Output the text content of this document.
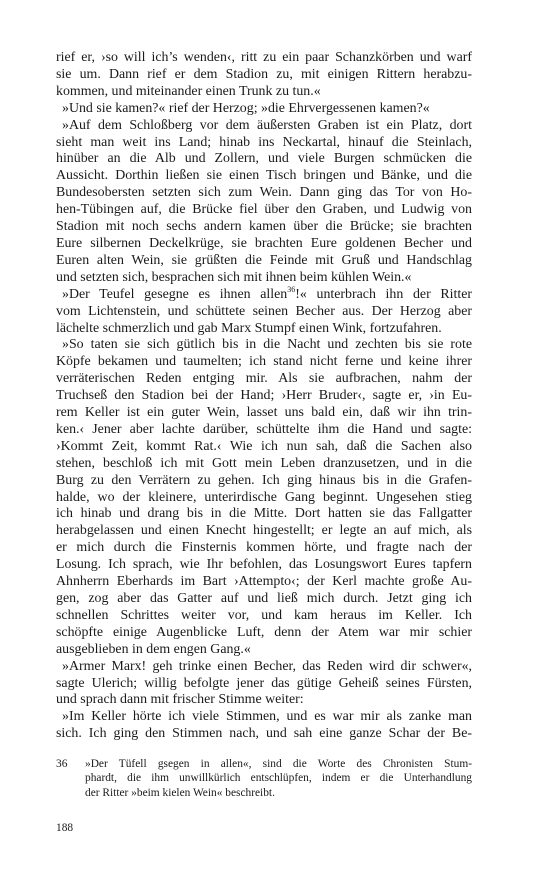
rief er, ›so will ich’s wenden‹, ritt zu ein paar Schanzkörben und warf
sie um. Dann rief er dem Stadion zu, mit einigen Rittern herabzu-
kommen, und miteinander einen Trunk zu tun.«
»Und sie kamen?« rief der Herzog; »die Ehrvergessenen kamen?«
»Auf dem Schloßberg vor dem äußersten Graben ist ein Platz, dort
sieht man weit ins Land; hinab ins Neckartal, hinauf die Steinlach,
hinüber an die Alb und Zollern, und viele Burgen schmücken die
Aussicht. Dorthin ließen sie einen Tisch bringen und Bänke, und die
Bundesobersten setzten sich zum Wein. Dann ging das Tor von Ho-
hen-Tübingen auf, die Brücke fiel über den Graben, und Ludwig von
Stadion mit noch sechs andern kamen über die Brücke; sie brachten
Eure silbernen Deckelkrüge, sie brachten Eure goldenen Becher und
Euren alten Wein, sie grüßten die Feinde mit Gruß und Handschlag
und setzten sich, besprachen sich mit ihnen beim kühlen Wein.«
»Der Teufel gesegne es ihnen allen$^{36}$!« unterbrach ihn der Ritter
vom Lichtenstein, und schüttete seinen Becher aus. Der Herzog aber
lächelte schmerzlich und gab Marx Stumpf einen Wink, fortzufahren.
»So taten sie sich gütlich bis in die Nacht und zechten bis sie rote
Köpfe bekamen und taumelten; ich stand nicht ferne und keine ihrer
verräterischen Reden entging mir. Als sie aufbrachen, nahm der
Truchseß den Stadion bei der Hand; ›Herr Bruder‹, sagte er, ›in Eu-
rem Keller ist ein guter Wein, lasset uns bald ein, daß wir ihn trin-
ken.‹ Jener aber lachte darüber, schüttelte ihm die Hand und sagte:
›Kommt Zeit, kommt Rat.‹ Wie ich nun sah, daß die Sachen also
stehen, beschloß ich mit Gott mein Leben dranzusetzen, und in die
Burg zu den Verrätern zu gehen. Ich ging hinaus bis in die Grafen-
halde, wo der kleinere, unterirdische Gang beginnt. Ungesehen stieg
ich hinab und drang bis in die Mitte. Dort hatten sie das Fallgatter
herabgelassen und einen Knecht hingestellt; er legte an auf mich, als
er mich durch die Finsternis kommen hörte, und fragte nach der
Losung. Ich sprach, wie Ihr befohlen, das Losungswort Eures tapfern
Ahnherrn Eberhards im Bart ›Attempto‹; der Kerl machte große Au-
gen, zog aber das Gatter auf und ließ mich durch. Jetzt ging ich
schnellen Schrittes weiter vor, und kam heraus im Keller. Ich
schöpfte einige Augenblicke Luft, denn der Atem war mir schier
ausgeblieben in dem engen Gang.«
»Armer Marx! geh trinke einen Becher, das Reden wird dir schwer«,
sagte Ulerich; willig befolgte jener das gütige Geheiß seines Fürsten,
und sprach dann mit frischer Stimme weiter:
»Im Keller hörte ich viele Stimmen, und es war mir als zanke man
sich. Ich ging den Stimmen nach, und sah eine ganze Schar der Be-
36 »Der Tüfell gsegen in allen«, sind die Worte des Chronisten Stum-
phardt, die ihm unwillkürlich entschlüpfen, indem er die Unterhandlung
der Ritter »beim kielen Wein« beschreibt.
188
